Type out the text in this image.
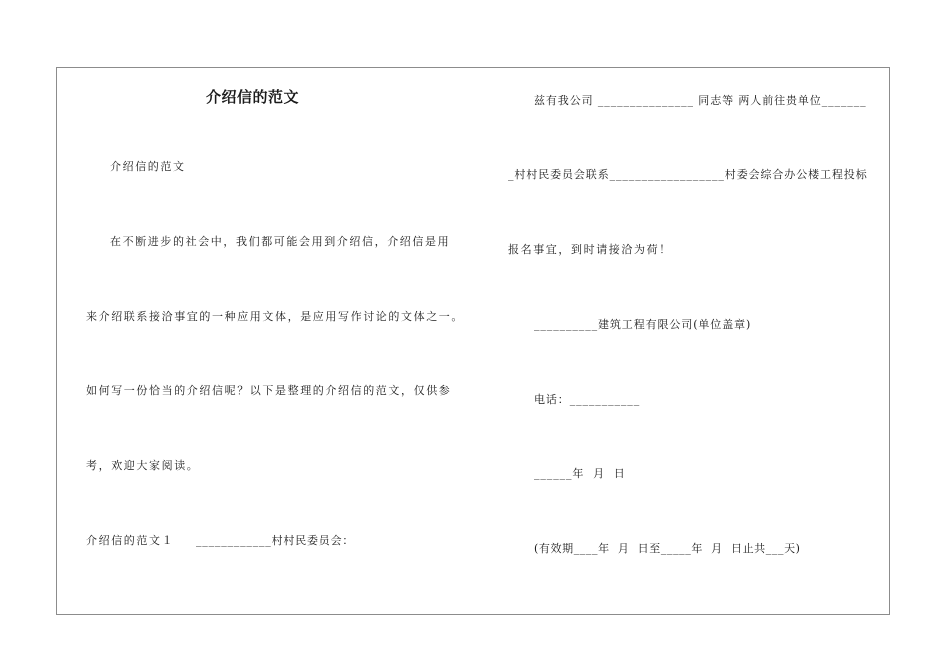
介绍信的范文
介绍信的范文
在不断进步的社会中，我们都可能会用到介绍信，介绍信是用
来介绍联系接洽事宜的一种应用文体，是应用写作讨论的文体之一。
如何写一份恰当的介绍信呢？以下是整理的介绍信的范文，仅供参
考，欢迎大家阅读。
介绍信的范文１ ____________村村民委员会：
兹有我公司 _______________ 同志等 两人前往贵单位_______
_村村民委员会联系__________________村委会综合办公楼工程投标
报名事宜，到时请接洽为荷！
__________建筑工程有限公司(单位盖章)
电话：___________
______年  月  日
(有效期____年  月  日至_____年  月  日止共___天)
